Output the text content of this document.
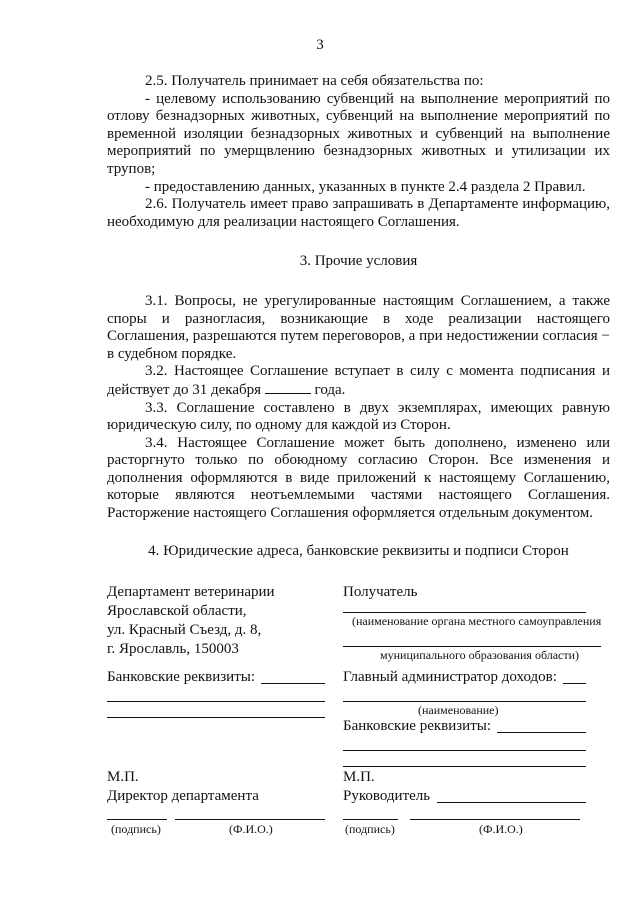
3

2.5. Получатель принимает на себя обязательства по:

- целевому использованию субвенций на выполнение мероприятий по отлову безнадзорных животных, субвенций на выполнение мероприятий по временной изоляции безнадзорных животных и субвенций на выполнение мероприятий по умерщвлению безнадзорных животных и утилизации их трупов;

- предоставлению данных, указанных в пункте 2.4 раздела 2 Правил.

2.6. Получатель имеет право запрашивать в Департаменте информацию, необходимую для реализации настоящего Соглашения.

3. Прочие условия

3.1. Вопросы, не урегулированные настоящим Соглашением, а также споры и разногласия, возникающие в ходе реализации настоящего Соглашения, разрешаются путем переговоров, а при недостижении согласия − в судебном порядке.

3.2. Настоящее Соглашение вступает в силу с момента подписания и действует до 31 декабря	года.

3.3. Соглашение составлено в двух экземплярах, имеющих равную юридическую силу, по одному для каждой из Сторон.

3.4. Настоящее Соглашение может быть дополнено, изменено или расторгнуто только по обоюдному согласию Сторон. Все изменения и дополнения оформляются в виде приложений к настоящему Соглашению, которые являются неотъемлемыми частями настоящего Соглашения. Расторжение настоящего Соглашения оформляется отдельным документом.

4. Юридические адреса, банковские реквизиты и подписи Сторон

Департамент ветеринарии
Ярославской области,
ул. Красный Съезд, д. 8,
г. Ярославль, 150003
Банковские реквизиты:
М.П.
Директор департамента
(подпись)	(Ф.И.О.)
Получатель
(наименование органа местного самоуправления
муниципального образования области)
Главный администратор доходов:
(наименование)
Банковские реквизиты:
М.П.
Руководитель
(подпись)	(Ф.И.О.)
